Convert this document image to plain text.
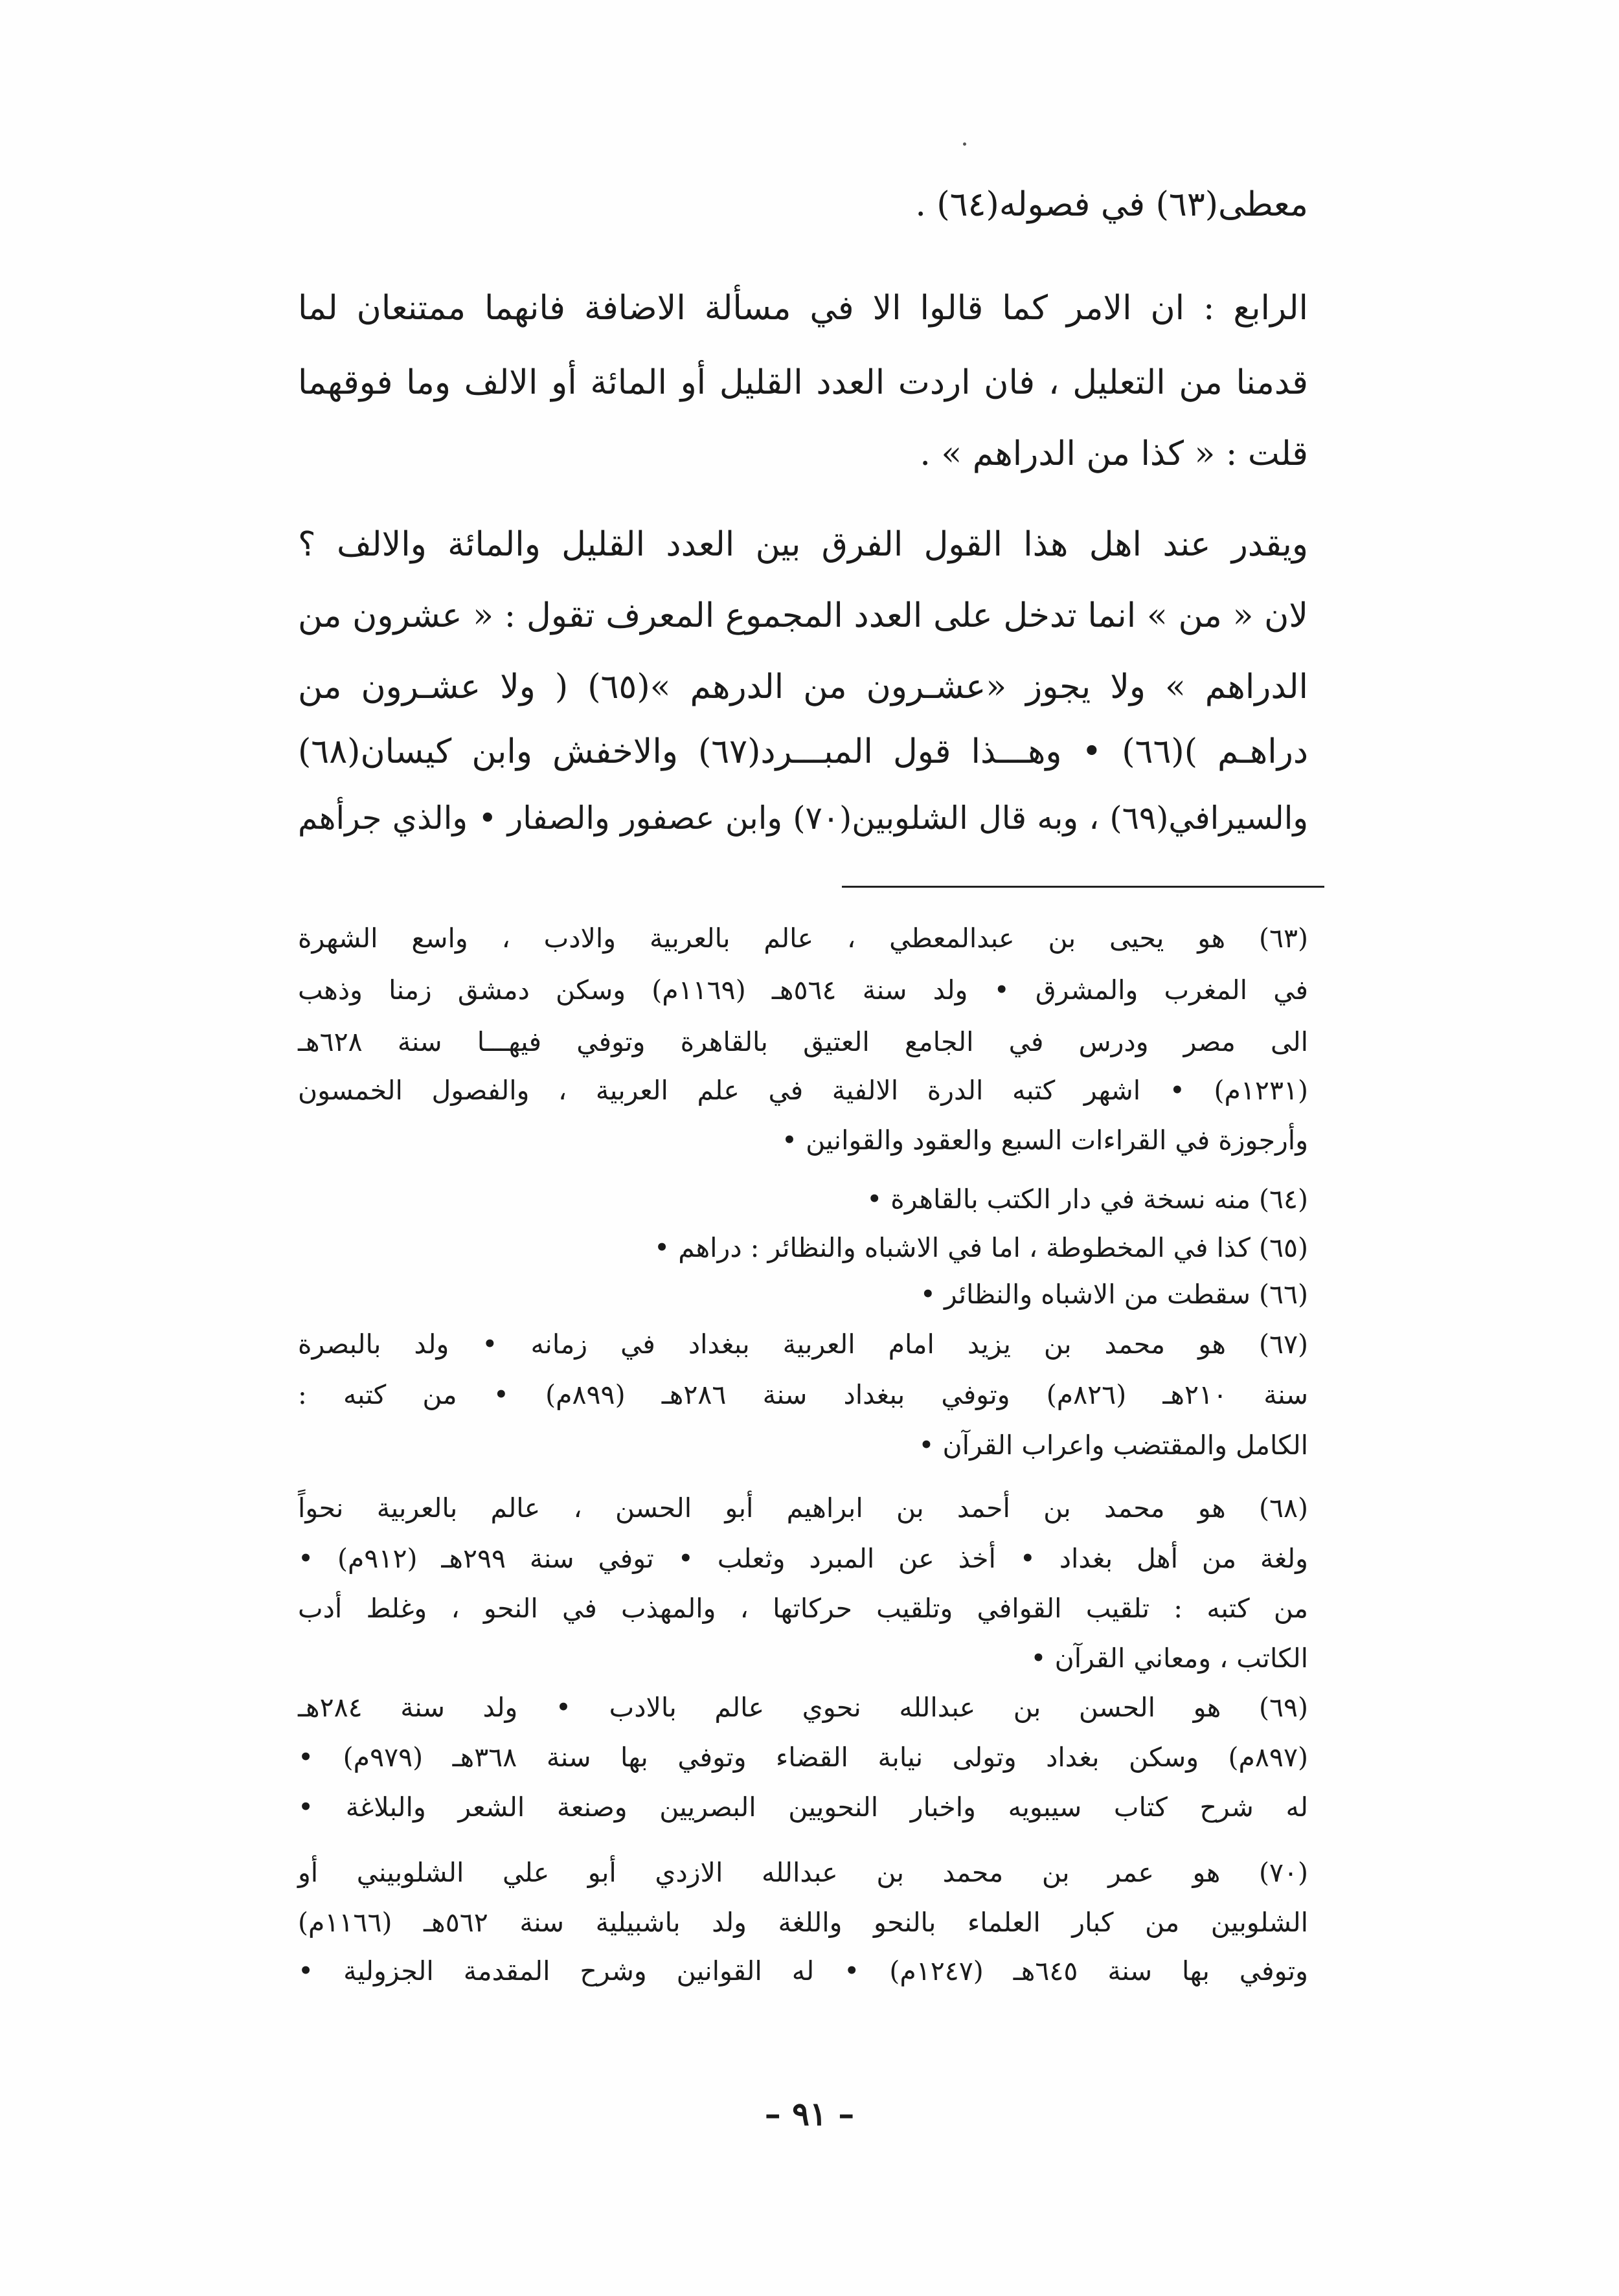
معطى(٦٣) في فصوله(٦٤) .
الرابع : ان الامر كما قالوا الا في مسألة الاضافة فانهما ممتنعان لما
قدمنا من التعليل ، فان اردت العدد القليل أو المائة أو الالف وما فوقهما
قلت : « كذا من الدراهم » .
ويقدر عند اهل هذا القول الفرق بين العدد القليل والمائة والالف ؟
لان « من » انما تدخل على العدد المجموع المعرف تقول : « عشرون من
الدراهم » ولا يجوز «عشـرون من الدرهم »(٦٥) ( ولا عشـرون من
دراهـم )(٦٦) • وهـــذا قول المبـــرد(٦٧) والاخفش وابن كيسان(٦٨)
والسيرافي(٦٩) ، وبه قال الشلوبين(٧٠) وابن عصفور والصفار • والذي جرأهم
(٦٣) هو يحيى بن عبدالمعطي ، عالم بالعربية والادب ، واسع الشهرة
في المغرب والمشرق • ولد سنة ٥٦٤هـ (١١٦٩م) وسكن دمشق زمنا وذهب
الى مصر ودرس في الجامع العتيق بالقاهرة وتوفي فيهـــا سنة ٦٢٨هـ
(١٢٣١م) • اشهر كتبه الدرة الالفية في علم العربية ، والفصول الخمسون
وأرجوزة في القراءات السبع والعقود والقوانين •
(٦٤) منه نسخة في دار الكتب بالقاهرة •
(٦٥) كذا في المخطوطة ، اما في الاشباه والنظائر : دراهم •
(٦٦) سقطت من الاشباه والنظائر •
(٦٧) هو محمد بن يزيد امام العربية ببغداد في زمانه • ولد بالبصرة
سنة ٢١٠هـ (٨٢٦م) وتوفي ببغداد سنة ٢٨٦هـ (٨٩٩م) • من كتبه :
الكامل والمقتضب واعراب القرآن •
(٦٨) هو محمد بن أحمد بن ابراهيم أبو الحسن ، عالم بالعربية نحواً
ولغة من أهل بغداد • أخذ عن المبرد وثعلب • توفي سنة ٢٩٩هـ (٩١٢م) •
من كتبه : تلقيب القوافي وتلقيب حركاتها ، والمهذب في النحو ، وغلط أدب
الكاتب ، ومعاني القرآن •
(٦٩) هو الحسن بن عبدالله نحوي عالم بالادب • ولد سنة ٢٨٤هـ
(٨٩٧م) وسكن بغداد وتولى نيابة القضاء وتوفي بها سنة ٣٦٨هـ (٩٧٩م) •
له شرح كتاب سيبويه واخبار النحويين البصريين وصنعة الشعر والبلاغة •
(٧٠) هو عمر بن محمد بن عبدالله الازدي أبو علي الشلوبيني أو
الشلوبين من كبار العلماء بالنحو واللغة ولد باشبيلية سنة ٥٦٢هـ (١١٦٦م)
وتوفي بها سنة ٦٤٥هـ (١٢٤٧م) • له القوانين وشرح المقدمة الجزولية •
– ٩١ –
